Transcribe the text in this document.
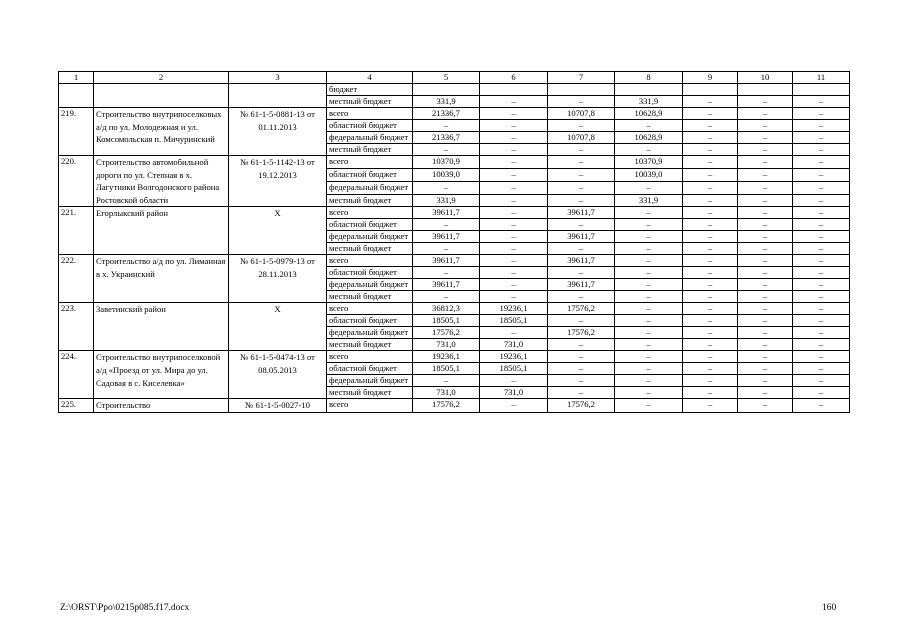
1	2	3	4	5	6	7	8	9	10	11
			бюджет							
			местный бюджет	331,9	–	–	331,9	–	–	–
219.	Строительство внутрипоселковых а/д по ул. Молодежная и ул. Комсомольская п. Мичуринский	№ 61-1-5-0881-13 от 01.11.2013	всего	21336,7	–	10707,8	10628,9	–	–	–
			областной бюджет	–	–	–	–	–	–	–
			федеральный бюджет	21336,7	–	10707,8	10628,9	–	–	–
			местный бюджет	–	–	–	–	–	–	–
220.	Строительство автомобильной дороги по ул. Степная в х. Лагутники Волгодонского района Ростовской области	№ 61-1-5-1142-13 от 19.12.2013	всего	10370,9	–	–	10370,9	–	–	–
			областной бюджет	10039,0	–	–	10039,0	–	–	–
			федеральный бюджет	–	–	–	–	–	–	–
			местный бюджет	331,9	–	–	331,9	–	–	–
221.	Егорлыкский район	Х	всего	39611,7	–	39611,7	–	–	–	–
			областной бюджет	–	–	–	–	–	–	–
			федеральный бюджет	39611,7	–	39611,7	–	–	–	–
			местный бюджет	–	–	–	–	–	–	–
222.	Строительство а/д по ул. Лиманная в х. Украинский	№ 61-1-5-0979-13 от 28.11.2013	всего	39611,7	–	39611,7	–	–	–	–
			областной бюджет	–	–	–	–	–	–	–
			федеральный бюджет	39611,7	–	39611,7	–	–	–	–
			местный бюджет	–	–	–	–	–	–	–
223.	Заветинский район	Х	всего	36812,3	19236,1	17576,2	–	–	–	–
			областной бюджет	18505,1	18505,1	–	–	–	–	–
			федеральный бюджет	17576,2	–	17576,2	–	–	–	–
			местный бюджет	731,0	731,0	–	–	–	–	–
224.	Строительство внутрипоселковой а/д «Проезд от ул. Мира до ул. Садовая в с. Киселевка»	№ 61-1-5-0474-13 от 08.05.2013	всего	19236,1	19236,1	–	–	–	–	–
			областной бюджет	18505,1	18505,1	–	–	–	–	–
			федеральный бюджет	–	–	–	–	–	–	–
			местный бюджет	731,0	731,0	–	–	–	–	–
225.	Строительство	№ 61-1-5-0027-10	всего	17576,2	–	17576,2	–	–	–	–
Z:\ORST\Ppo\0215p085.f17.docx	160
